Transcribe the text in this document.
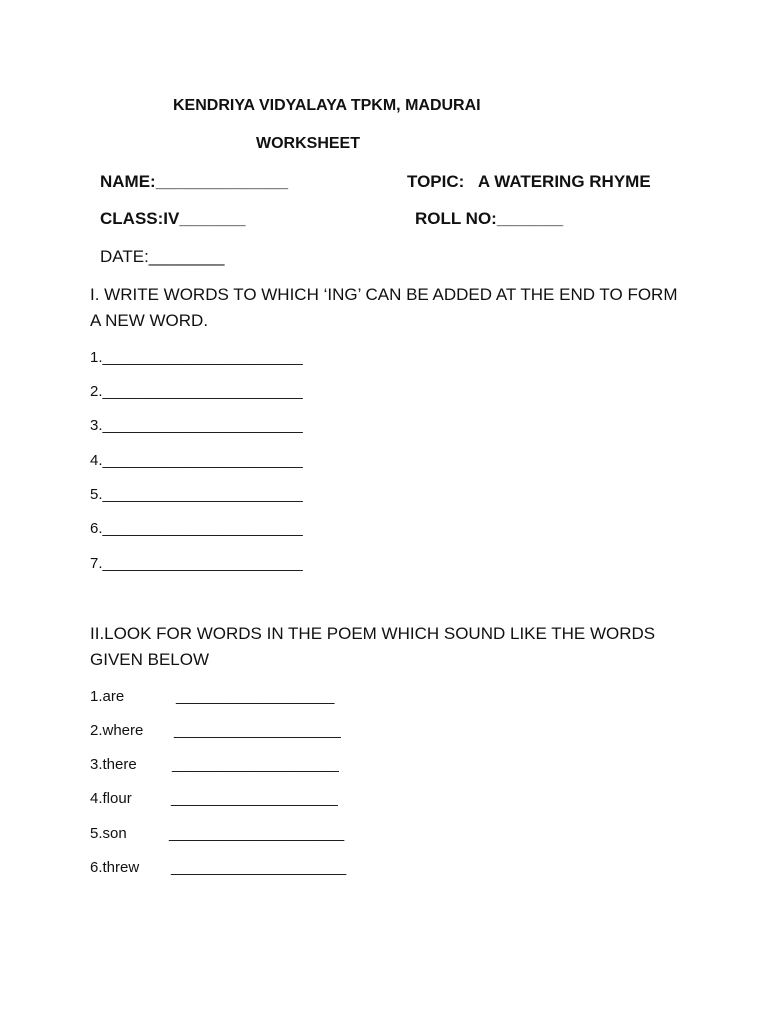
KENDRIYA VIDYALAYA TPKM, MADURAI
WORKSHEET
NAME:______________	TOPIC:   A WATERING RHYME
CLASS:IV_______	ROLL NO:_______
DATE:________
I. WRITE WORDS TO WHICH ‘ING’ CAN BE ADDED AT THE END TO FORM A NEW WORD.
1.________________________
2.________________________
3.________________________
4.________________________
5.________________________
6.________________________
7.________________________
II.LOOK FOR WORDS IN THE POEM WHICH SOUND LIKE THE WORDS GIVEN BELOW
1.are	___________________
2.where ____________________
3.there ____________________
4.flour	____________________
5.son	_____________________
6.threw _____________________
